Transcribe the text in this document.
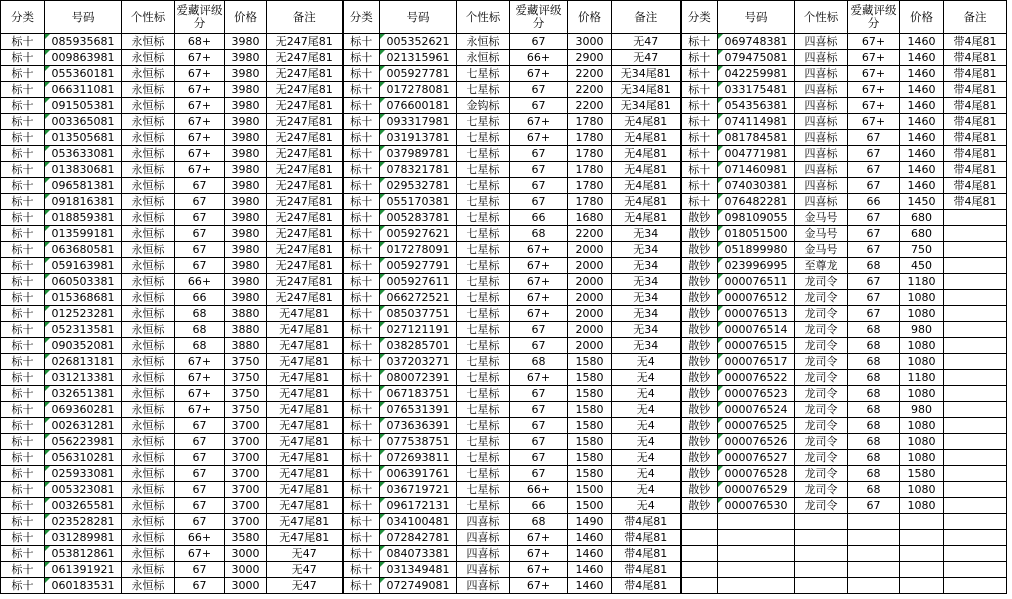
分类	号码	个性标	爱藏评级分	价格	备注	分类	号码	个性标	爱藏评级分	价格	备注	分类	号码	个性标	爱藏评级分	价格	备注
标十	085935681	永恒标	68+	3980	无247尾81	标十	005352621	永恒标	67	3000	无47	标十	069748381	四喜标	67+	1460	带4尾81
标十	009863981	永恒标	67+	3980	无247尾81	标十	021315961	永恒标	66+	2900	无47	标十	079475081	四喜标	67+	1460	带4尾81
标十	055360181	永恒标	67+	3980	无247尾81	标十	005927781	七星标	67+	2200	无34尾81	标十	042259981	四喜标	67+	1460	带4尾81
标十	066311081	永恒标	67+	3980	无247尾81	标十	017278081	七星标	67	2200	无34尾81	标十	033175481	四喜标	67+	1460	带4尾81
标十	091505381	永恒标	67+	3980	无247尾81	标十	076600181	金钩标	67	2200	无34尾81	标十	054356381	四喜标	67+	1460	带4尾81
标十	003365081	永恒标	67+	3980	无247尾81	标十	093317981	七星标	67+	1780	无4尾81	标十	074114981	四喜标	67+	1460	带4尾81
标十	013505681	永恒标	67+	3980	无247尾81	标十	031913781	七星标	67+	1780	无4尾81	标十	081784581	四喜标	67	1460	带4尾81
标十	053633081	永恒标	67+	3980	无247尾81	标十	037989781	七星标	67	1780	无4尾81	标十	004771981	四喜标	67	1460	带4尾81
标十	013830681	永恒标	67+	3980	无247尾81	标十	078321781	七星标	67	1780	无4尾81	标十	071460981	四喜标	67	1460	带4尾81
标十	096581381	永恒标	67	3980	无247尾81	标十	029532781	七星标	67	1780	无4尾81	标十	074030381	四喜标	67	1460	带4尾81
标十	091816381	永恒标	67	3980	无247尾81	标十	055170381	七星标	67	1780	无4尾81	标十	076482281	四喜标	66	1450	带4尾81
标十	018859381	永恒标	67	3980	无247尾81	标十	005283781	七星标	66	1680	无4尾81	散钞	098109055	金马号	67	680	
标十	013599181	永恒标	67	3980	无247尾81	标十	005927621	七星标	68	2200	无34	散钞	018051500	金马号	67	680	
标十	063680581	永恒标	67	3980	无247尾81	标十	017278091	七星标	67+	2000	无34	散钞	051899980	金马号	67	750	
标十	059163981	永恒标	67	3980	无247尾81	标十	005927791	七星标	67+	2000	无34	散钞	023996995	至尊龙	68	450	
标十	060503381	永恒标	66+	3980	无247尾81	标十	005927611	七星标	67+	2000	无34	散钞	000076511	龙司令	67	1180	
标十	015368681	永恒标	66	3980	无247尾81	标十	066272521	七星标	67+	2000	无34	散钞	000076512	龙司令	67	1080	
标十	012523281	永恒标	68	3880	无47尾81	标十	085037751	七星标	67+	2000	无34	散钞	000076513	龙司令	67	1080	
标十	052313581	永恒标	68	3880	无47尾81	标十	027121191	七星标	67	2000	无34	散钞	000076514	龙司令	68	980	
标十	090352081	永恒标	68	3880	无47尾81	标十	038285701	七星标	67	2000	无34	散钞	000076515	龙司令	68	1080	
标十	026813181	永恒标	67+	3750	无47尾81	标十	037203271	七星标	68	1580	无4	散钞	000076517	龙司令	68	1080	
标十	031213381	永恒标	67+	3750	无47尾81	标十	080072391	七星标	67+	1580	无4	散钞	000076522	龙司令	68	1180	
标十	032651381	永恒标	67+	3750	无47尾81	标十	067183751	七星标	67	1580	无4	散钞	000076523	龙司令	68	1080	
标十	069360281	永恒标	67+	3750	无47尾81	标十	076531391	七星标	67	1580	无4	散钞	000076524	龙司令	68	980	
标十	002631281	永恒标	67	3700	无47尾81	标十	073636391	七星标	67	1580	无4	散钞	000076525	龙司令	68	1080	
标十	056223981	永恒标	67	3700	无47尾81	标十	077538751	七星标	67	1580	无4	散钞	000076526	龙司令	68	1080	
标十	056310281	永恒标	67	3700	无47尾81	标十	072693811	七星标	67	1580	无4	散钞	000076527	龙司令	68	1080	
标十	025933081	永恒标	67	3700	无47尾81	标十	006391761	七星标	67	1580	无4	散钞	000076528	龙司令	68	1580	
标十	005323081	永恒标	67	3700	无47尾81	标十	036719721	七星标	66+	1500	无4	散钞	000076529	龙司令	68	1080	
标十	003265581	永恒标	67	3700	无47尾81	标十	096172131	七星标	66	1500	无4	散钞	000076530	龙司令	67	1080	
标十	023528281	永恒标	67	3700	无47尾81	标十	034100481	四喜标	68	1490	带4尾81						
标十	031289981	永恒标	66+	3580	无47尾81	标十	072842781	四喜标	67+	1460	带4尾81						
标十	053812861	永恒标	67+	3000	无47	标十	084073381	四喜标	67+	1460	带4尾81						
标十	061391921	永恒标	67	3000	无47	标十	031349481	四喜标	67+	1460	带4尾81						
标十	060183531	永恒标	67	3000	无47	标十	072749081	四喜标	67+	1460	带4尾81						
